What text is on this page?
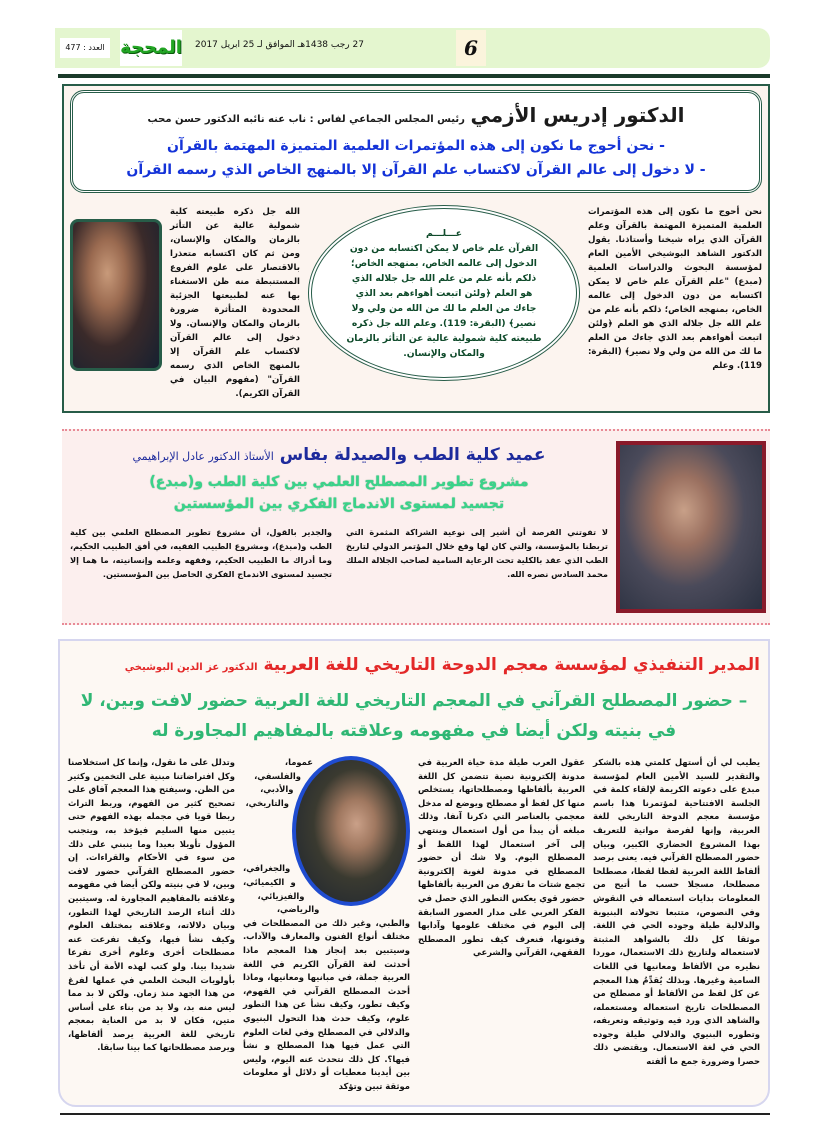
العدد : 477 المحجة 27 رجب 1438هـ الموافق لـ 25 ابريل 2017	6
الدكتور إدريس الأزمي رئيس المجلس الجماعي لفاس : ناب عنه نائبه الدكتور حسن محب
- نحن أحوج ما نكون إلى هذه المؤتمرات العلمية المتميزة المهتمة بالقرآن
- لا دخول إلى عالم القرآن لاكتساب علم القرآن إلا بالمنهج الخاص الذي رسمه القرآن
نحن أحوج ما نكون إلى هذه المؤتمرات العلمية المتميزة المهتمة بالقرآن وعلم القرآن الذي يراه شيخنا وأستاذنا. يقول الدكتور الشاهد البوشيخي الأمين العام لمؤسسة البحوث والدراسات العلمية (مبدع) "علم القرآن علم خاص لا يمكن اكتسابه من دون الدخول إلى عالمه الخاص، بمنهجه الخاص؛ ذلكم بأنه علم من علم الله جل جلاله الذي هو العلم ﴿ولئن اتبعت أهواءهم بعد الذي جاءك من العلم ما لك من الله من ولي ولا نصير﴾ (البقرة: 119). وعلم
عـــلـــم
القرآن علم خاص لا يمكن اكتسابه من دون الدخول إلى عالمه الخاص، بمنهجه الخاص؛ ذلكم بأنه علم من علم الله جل جلاله الذي هو العلم ﴿ولئن اتبعت أهواءهم بعد الذي جاءك من العلم ما لك من الله من ولي ولا نصير﴾ (البقرة: 119). وعلم الله جل ذكره طبيعته كلية شمولية عالية عن التأثر بالزمان والمكان والإنسان.
الله جل ذكره طبيعته كلية شمولية عالية عن التأثر بالزمان والمكان والإنسان، ومن ثم كان اكتسابه متعذرا بالاقتصار على علوم الفروع المستنبطة منه ظن الاستغناء بها عنه لطبيعتها الجزئية المحدودة المتأثرة ضرورة بالزمان والمكان والإنسان. ولا دخول إلى عالم القرآن لاكتساب علم القرآن إلا بالمنهج الخاص الذي رسمه القرآن" (مفهوم البيان في القرآن الكريم).
عميد كلية الطب والصيدلة بفاس الأستاذ الدكتور عادل الإبراهيمي
مشروع تطوير المصطلح العلمي بين كلية الطب و(مبدع)
تجسيد لمستوى الاندماج الفكري بين المؤسستين
لا تفوتني الفرصة أن أشير إلى نوعية الشراكة المثمرة التي تربطنا بالمؤسسة، والتي كان لها وقع خلال المؤتمر الدولي لتاريخ الطب الذي عقد بالكلية تحت الرعاية السامية لصاحب الجلالة الملك محمد السادس نصره الله.
والجدير بالقول، أن مشروع تطوير المصطلح العلمي بين كلية الطب و(مبدع)، ومشروع الطبيب الفقيه، في أفق الطبيب الحكيم، وما أدراك ما الطبيب الحكيم، وفقهه وعلمه وإنسانيته، ما هما إلا تجسيد لمستوى الاندماج الفكري الحاصل بين المؤسستين.
المدير التنفيذي لمؤسسة معجم الدوحة التاريخي للغة العربية الدكتور عز الدين البوشيخي
– حضور المصطلح القرآني في المعجم التاريخي للغة العربية حضور لافت وبين، لا في بنيته ولكن أيضا في مفهومه وعلاقته بالمفاهيم المجاورة له
يطيب لي أن أستهل كلمتي هذه بالشكر والتقدير للسيد الأمين العام لمؤسسة مبدع على دعوته الكريمة لإلقاء كلمة في الجلسة الافتتاحية لمؤتمرنا هذا باسم مؤسسة معجم الدوحة التاريخي للغة العربية، وإنها لفرصة مواتية للتعريف بهذا المشروع الحضاري الكبير، وبيان حضور المصطلح القرآني فيه. يعنى برصد ألفاظ اللغة العربية لفظا لفظا، مصطلحا مصطلحا، مسجلا حسب ما أتيح من المعلومات بدايات استعماله في النقوش وفي النصوص، متتبعا تحولاته البنيوية والدلالية طيلة وجوده الحي في اللغة. موثقا كل ذلك بالشواهد المثبتة لاستعماله ولتاريخ ذلك الاستعمال، موردا نظيره من الألفاظ ومعانيها في اللغات السامية وغيرها. وبذلك يُقدِّمُ هذا المعجم عن كل لفظ من الألفاظ أو مصطلح من المصطلحات تاريخ استعماله ومستعمله، والشاهد الذي ورد فيه وتوثيقه وتعريفه، وتطوره البنيوي والدلالي طيلة وجوده الحي في لغة الاستعمال. ويقتضي ذلك حصرا وضرورة جمع ما ألفته
عقول العرب طيلة مدة حياة العربية في مدونة إلكترونية نصية تتضمن كل اللغة العربية بألفاظها ومصطلحاتها، يستخلص منها كل لفظ أو مصطلح ويوضع له مدخل معجمي بالعناصر التي ذكرنا آنفا. وذلك مبلغه أن يبدأ من أول استعمال وينتهي إلى آخر استعمال لهذا اللفظ أو المصطلح اليوم. ولا شك أن حضور المصطلح في مدونة لغوية إلكترونية تجمع شتات ما تفرق من العربية بألفاظها حضور قوي يعكس التطور الذي حصل في الفكر العربي على مدار العصور السابقة إلى اليوم في مختلف علومها وآدابها وفنونها، فنعرف كيف تطور المصطلح الفقهي، القرآني والشرعي
عموما، والفلسفي، والأدبي، والتاريخي، والجغرافي، و الكيميائي، والفيزيائي، والرياضي، والطبي، وغير ذلك من المصطلحات في مختلف أنواع الفنون والمعارف والآداب. وسيتبين بعد إنجاز هذا المعجم ماذا أحدثت لغة القرآن الكريم في اللغة العربية جملة، في مبانيها ومعانيها، وماذا أحدث المصطلح القرآني في الفهوم، وكيف تطور، وكيف نشأ عن هذا التطور علوم، وكيف حدث هذا التحول البنيوي والدلالي في المصطلح وفي لغات العلوم التي عمل فيها هذا المصطلح و نشأ فيها؟. كل ذلك نتحدث عنه اليوم، وليس بين أيدينا معطيات أو دلائل أو معلومات موثقة تبين وتؤكد
وتدلل على ما نقول، وإنما كل استخلاصنا وكل افتراضاتنا مبنية على التخمين وكثير من الظن. وسيفتح هذا المعجم آفاق على تصحيح كثير من الفهوم، وربط التراث ربطا قويا في مجمله بهذه الفهوم حتى يتبين منها السليم فيؤخذ به، ويتجنب المؤول تأويلا بعيدا وما ينبني على ذلك من سوء في الأحكام والقراءات. إن حضور المصطلح القرآني حضور لافت وبين، لا في بنيته ولكن أيضا في مفهومه وعلاقته بالمفاهيم المجاورة له. وسيتبين ذلك أثناء الرصد التاريخي لهذا التطور، وبيان دلالاته، وعلاقته بمختلف العلوم وكيف نشأ فيها، وكيف تفرعت عنه مصطلحات أخرى وعلوم أخرى تفرعا شديدا بينا. ولو كتب لهذه الأمة أن تأخذ بأولويات البحث العلمي في عملها لفرغ من هذا الجهد منذ زمان. ولكن لا بد مما ليس منه بد، ولا بد من بناء على أساس متين، فكان لا بد من العناية بمعجم تاريخي للغة العربية يرصد ألفاظها، ويرصد مصطلحاتها كما بينا سابقا.
